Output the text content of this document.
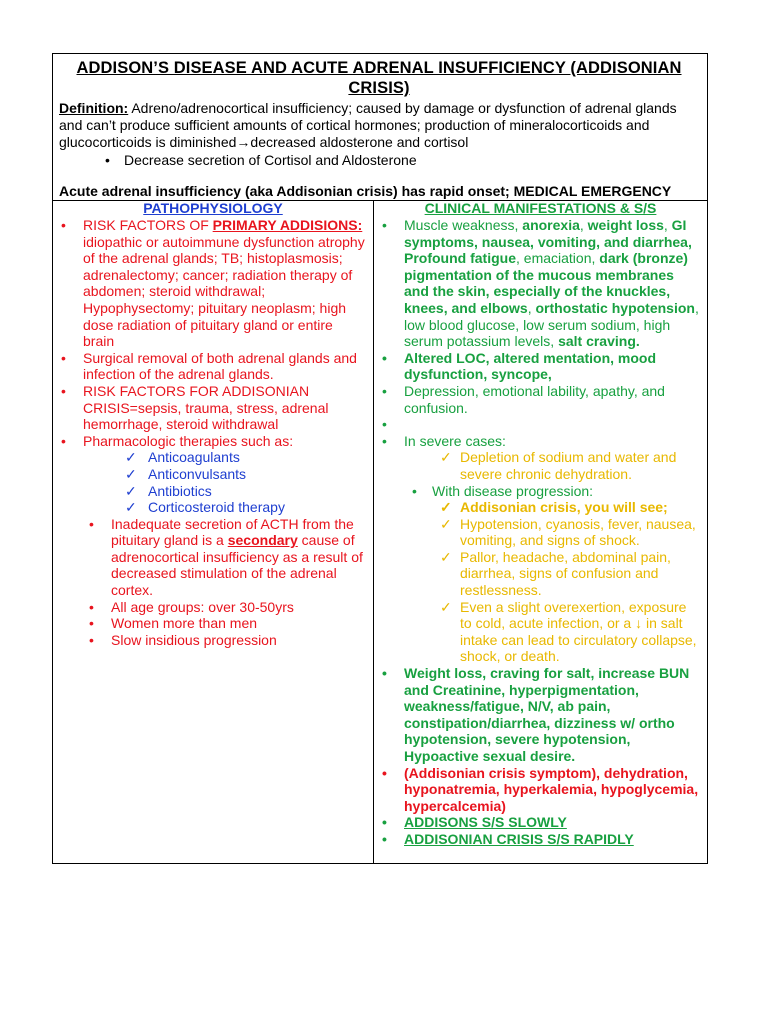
ADDISON’S DISEASE AND ACUTE ADRENAL INSUFFICIENCY (ADDISONIAN CRISIS)
Definition: Adreno/adrenocortical insufficiency; caused by damage or dysfunction of adrenal glands and can’t produce sufficient amounts of cortical hormones; production of mineralocorticoids and glucocorticoids is diminished→decreased aldosterone and cortisol
• Decrease secretion of Cortisol and Aldosterone
Acute adrenal insufficiency (aka Addisonian crisis) has rapid onset; MEDICAL EMERGENCY
PATHOPHYSIOLOGY
• RISK FACTORS OF PRIMARY ADDISIONS:
idiopathic or autoimmune dysfunction atrophy of the adrenal glands; TB; histoplasmosis; adrenalectomy; cancer; radiation therapy of abdomen; steroid withdrawal; Hypophysectomy; pituitary neoplasm; high dose radiation of pituitary gland or entire brain
• Surgical removal of both adrenal glands and infection of the adrenal glands.
• RISK FACTORS FOR ADDISONIAN CRISIS=sepsis, trauma, stress, adrenal hemorrhage, steroid withdrawal
• Pharmacologic therapies such as:
✓ Anticoagulants
✓ Anticonvulsants
✓ Antibiotics
✓ Corticosteroid therapy
• Inadequate secretion of ACTH from the pituitary gland is a secondary cause of adrenocortical insufficiency as a result of decreased stimulation of the adrenal cortex.
• All age groups: over 30-50yrs
• Women more than men
• Slow insidious progression
CLINICAL MANIFESTATIONS & S/S
• Muscle weakness, anorexia, weight loss, GI symptoms, nausea, vomiting, and diarrhea, Profound fatigue, emaciation, dark (bronze) pigmentation of the mucous membranes and the skin, especially of the knuckles, knees, and elbows, orthostatic hypotension, low blood glucose, low serum sodium, high serum potassium levels, salt craving.
• Altered LOC, altered mentation, mood dysfunction, syncope,
• Depression, emotional lability, apathy, and confusion.
•
• In severe cases:
✓ Depletion of sodium and water and severe chronic dehydration.
• With disease progression:
✓ Addisonian crisis, you will see;
✓ Hypotension, cyanosis, fever, nausea, vomiting, and signs of shock.
✓ Pallor, headache, abdominal pain, diarrhea, signs of confusion and restlessness.
✓ Even a slight overexertion, exposure to cold, acute infection, or a ↓ in salt intake can lead to circulatory collapse, shock, or death.
• Weight loss, craving for salt, increase BUN and Creatinine, hyperpigmentation, weakness/fatigue, N/V, ab pain, constipation/diarrhea, dizziness w/ ortho hypotension, severe hypotension, Hypoactive sexual desire.
• (Addisonian crisis symptom), dehydration, hyponatremia, hyperkalemia, hypoglycemia, hypercalcemia)
• ADDISONS S/S SLOWLY
• ADDISONIAN CRISIS S/S RAPIDLY
